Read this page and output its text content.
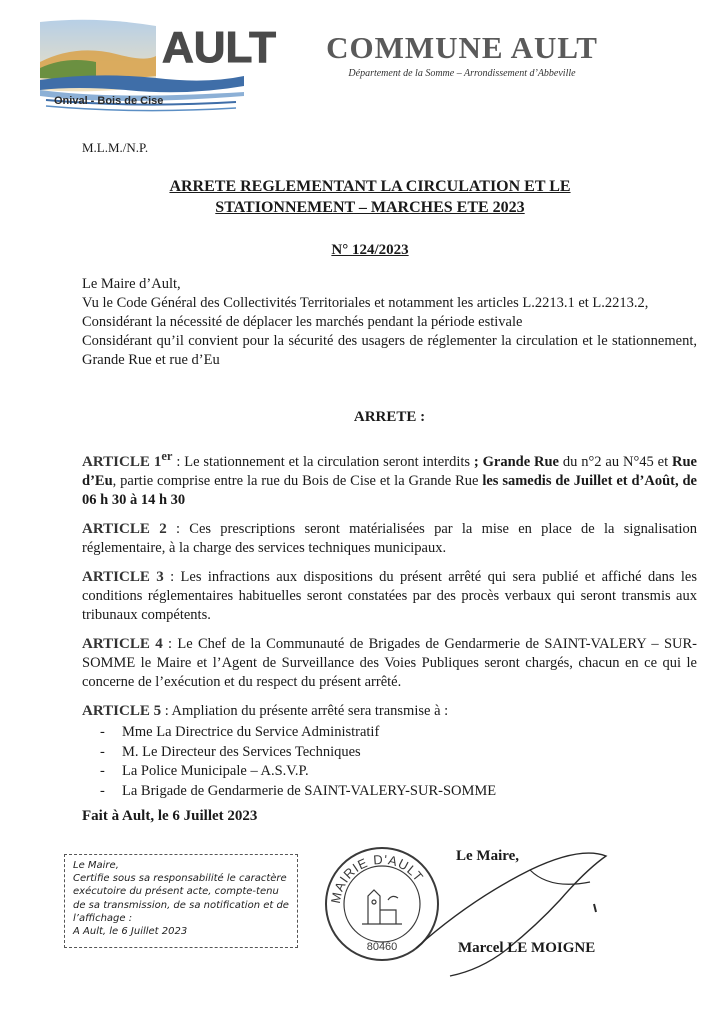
AULT
Onival - Bois de Cise
COMMUNE AULT
Département de la Somme – Arrondissement d’Abbeville
M.L.M./N.P.
ARRETE REGLEMENTANT LA CIRCULATION ET LE
STATIONNEMENT – MARCHES ETE 2023
N° 124/2023

Le Maire d’Ault,

Vu le Code Général des Collectivités Territoriales et notamment les articles L.2213.1 et L.2213.2,

Considérant la nécessité de déplacer les marchés pendant la période estivale

Considérant qu’il convient pour la sécurité des usagers de réglementer la circulation et le stationnement, Grande Rue et rue d’Eu

ARRETE :

ARTICLE 1er : Le stationnement et la circulation seront interdits ; Grande Rue du n°2 au N°45 et Rue d’Eu, partie comprise entre la rue du Bois de Cise et la Grande Rue les samedis de Juillet et d’Août, de 06 h 30 à 14 h 30

ARTICLE 2 : Ces prescriptions seront matérialisées par la mise en place de la signalisation réglementaire, à la charge des services techniques municipaux.

ARTICLE 3 : Les infractions aux dispositions du présent arrêté qui sera publié et affiché dans les conditions réglementaires habituelles seront constatées par des procès verbaux qui seront transmis aux tribunaux compétents.

ARTICLE 4 : Le Chef de la Communauté de Brigades de Gendarmerie de SAINT-VALERY – SUR-SOMME le Maire et l’Agent de Surveillance des Voies Publiques seront chargés, chacun en ce qui le concerne de l’exécution et du respect du présent arrêté.

ARTICLE 5 : Ampliation du présente arrêté sera transmise à :
- Mme La Directrice du Service Administratif
- M. Le Directeur des Services Techniques
- La Police Municipale – A.S.V.P.
- La Brigade de Gendarmerie de SAINT-VALERY-SUR-SOMME
Fait à Ault, le 6 Juillet 2023
Le Maire,
Certifie sous sa responsabilité le caractère
exécutoire du présent acte, compte-tenu
de sa transmission, de sa notification et de
l’affichage :
A Ault, le 6 Juillet 2023
MAIRIE D'AULT
80460
Le Maire,
Marcel LE MOIGNE
